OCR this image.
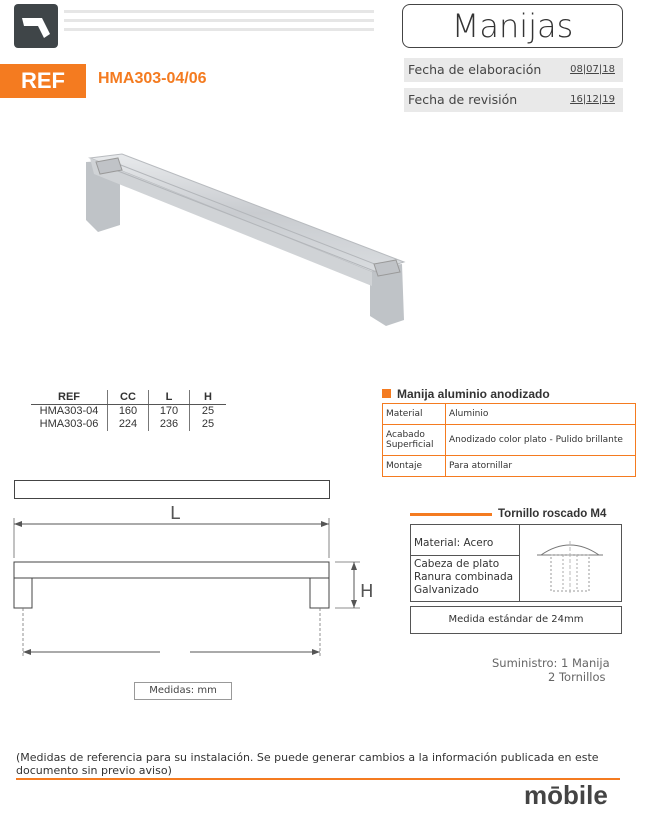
Manijas
REF	HMA303-04/06
Fecha de elaboración	08|07|18
Fecha de revisión	16|12|19
REF	CC	L	H
HMA303-04	160	170	25
HMA303-06	224	236	25
Manija aluminio anodizado
Material	Aluminio
Acabado Superficial	Anodizado color plato - Pulido brillante
Montaje	Para atornillar
L
H
Medidas: mm
Tornillo roscado M4
Material: Acero
Cabeza de plato
Ranura combinada
Galvanizado
Medida estándar de 24mm
Suministro: 1 Manija
2 Tornillos
(Medidas de referencia para su instalación. Se puede generar cambios a la información publicada en este documento sin previo aviso)
mōbile
